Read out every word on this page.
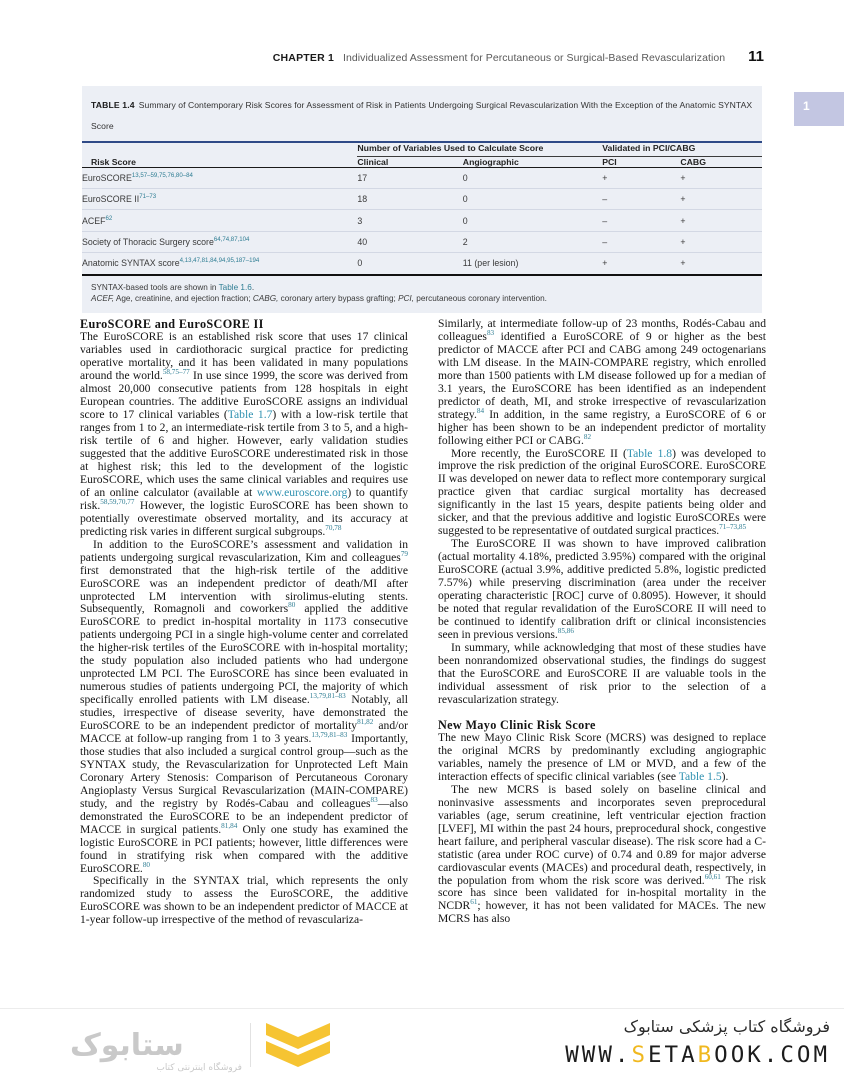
CHAPTER 1 Individualized Assessment for Percutaneous or Surgical-Based Revascularization 11
1
TABLE 1.4 Summary of Contemporary Risk Scores for Assessment of Risk in Patients Undergoing Surgical Revascularization With the Exception of the Anatomic SYNTAX Score
	Number of Variables Used to Calculate Score		Validated in PCI/CABG	
Risk Score	Clinical	Angiographic	PCI	CABG
EuroSCORE$^{13,57-59,75,76,80-84}$	17	0	+	+
EuroSCORE II$^{71-73}$	18	0	–	+
ACEF$^{62}$	3	0	–	+
Society of Thoracic Surgery score$^{64,74,87,104}$	40	2	–	+
Anatomic SYNTAX score$^{4,13,47,81,84,94,95,187-194}$	0	11 (per lesion)	+	+
SYNTAX-based tools are shown in Table 1.6.
ACEF, Age, creatinine, and ejection fraction; CABG, coronary artery bypass grafting; PCI, percutaneous coronary intervention.
EuroSCORE and EuroSCORE II

The EuroSCORE is an established risk score that uses 17 clinical variables used in cardiothoracic surgical practice for predicting operative mortality, and it has been validated in many populations around the world.$^{58,75-77}$ In use since 1999, the score was derived from almost 20,000 consecutive patients from 128 hospitals in eight European countries. The additive EuroSCORE assigns an individual score to 17 clinical variables (Table 1.7) with a low-risk tertile that ranges from 1 to 2, an intermediate-risk tertile from 3 to 5, and a high-risk tertile of 6 and higher. However, early validation studies suggested that the additive EuroSCORE underestimated risk in those at highest risk; this led to the development of the logistic EuroSCORE, which uses the same clinical variables and requires use of an online calculator (available at www.euroscore.org) to quantify risk.$^{58,59,70,77}$ However, the logistic EuroSCORE has been shown to potentially overestimate observed mortality, and its accuracy at predicting risk varies in different surgical subgroups.$^{70,78}$

In addition to the EuroSCORE’s assessment and validation in patients undergoing surgical revascularization, Kim and colleagues$^{79}$ first demonstrated that the high-risk tertile of the additive EuroSCORE was an independent predictor of death/MI after unprotected LM intervention with sirolimus-eluting stents. Subsequently, Romagnoli and coworkers$^{80}$ applied the additive EuroSCORE to predict in-hospital mortality in 1173 consecutive patients undergoing PCI in a single high-volume center and correlated the higher-risk tertiles of the EuroSCORE with in-hospital mortality; the study population also included patients who had undergone unprotected LM PCI. The EuroSCORE has since been evaluated in numerous studies of patients undergoing PCI, the majority of which specifically enrolled patients with LM disease.$^{13,79,81-83}$ Notably, all studies, irrespective of disease severity, have demonstrated the EuroSCORE to be an independent predictor of mortality$^{81,82}$ and/or MACCE at follow-up ranging from 1 to 3 years.$^{13,79,81-83}$ Importantly, those studies that also included a surgical control group—such as the SYNTAX study, the Revascularization for Unprotected Left Main Coronary Artery Stenosis: Comparison of Percutaneous Coronary Angioplasty Versus Surgical Revascularization (MAIN-COMPARE) study, and the registry by Rodés-Cabau and colleagues$^{83}$—also demonstrated the EuroSCORE to be an independent predictor of MACCE in surgical patients.$^{81,84}$ Only one study has examined the logistic EuroSCORE in PCI patients; however, little differences were found in stratifying risk when compared with the additive EuroSCORE.$^{80}$

Specifically in the SYNTAX trial, which represents the only randomized study to assess the EuroSCORE, the additive EuroSCORE was shown to be an independent predictor of MACCE at 1-year follow-up irrespective of the method of revasculariza-

Similarly, at intermediate follow-up of 23 months, Rodés-Cabau and colleagues$^{83}$ identified a EuroSCORE of 9 or higher as the best predictor of MACCE after PCI and CABG among 249 octogenarians with LM disease. In the MAIN-COMPARE registry, which enrolled more than 1500 patients with LM disease followed up for a median of 3.1 years, the EuroSCORE has been identified as an independent predictor of death, MI, and stroke irrespective of revascularization strategy.$^{84}$ In addition, in the same registry, a EuroSCORE of 6 or higher has been shown to be an independent predictor of mortality following either PCI or CABG.$^{82}$

More recently, the EuroSCORE II (Table 1.8) was developed to improve the risk prediction of the original EuroSCORE. EuroSCORE II was developed on newer data to reflect more contemporary surgical practice given that cardiac surgical mortality has decreased significantly in the last 15 years, despite patients being older and sicker, and that the previous additive and logistic EuroSCOREs were suggested to be representative of outdated surgical practices.$^{71-73,85}$

The EuroSCORE II was shown to have improved calibration (actual mortality 4.18%, predicted 3.95%) compared with the original EuroSCORE (actual 3.9%, additive predicted 5.8%, logistic predicted 7.57%) while preserving discrimination (area under the receiver operating characteristic [ROC] curve of 0.8095). However, it should be noted that regular revalidation of the EuroSCORE II will need to be continued to identify calibration drift or clinical inconsistencies seen in previous versions.$^{85,86}$

In summary, while acknowledging that most of these studies have been nonrandomized observational studies, the findings do suggest that the EuroSCORE and EuroSCORE II are valuable tools in the individual assessment of risk prior to the selection of a revascularization strategy.

New Mayo Clinic Risk Score

The new Mayo Clinic Risk Score (MCRS) was designed to replace the original MCRS by predominantly excluding angiographic variables, namely the presence of LM or MVD, and a few of the interaction effects of specific clinical variables (see Table 1.5).

The new MCRS is based solely on baseline clinical and noninvasive assessments and incorporates seven preprocedural variables (age, serum creatinine, left ventricular ejection fraction [LVEF], MI within the past 24 hours, preprocedural shock, congestive heart failure, and peripheral vascular disease). The risk score had a C-statistic (area under ROC curve) of 0.74 and 0.89 for major adverse cardiovascular events (MACEs) and procedural death, respectively, in the population from whom the risk score was derived.$^{60,61}$ The risk score has since been validated for in-hospital mortality in the NCDR$^{61}$; however, it has not been validated for MACEs. The new MCRS has also

ستابوک
فروشگاه اینترنتی کتاب
فروشگاه کتاب پزشکی ستابوک
WWW.SETABOOK.COM
